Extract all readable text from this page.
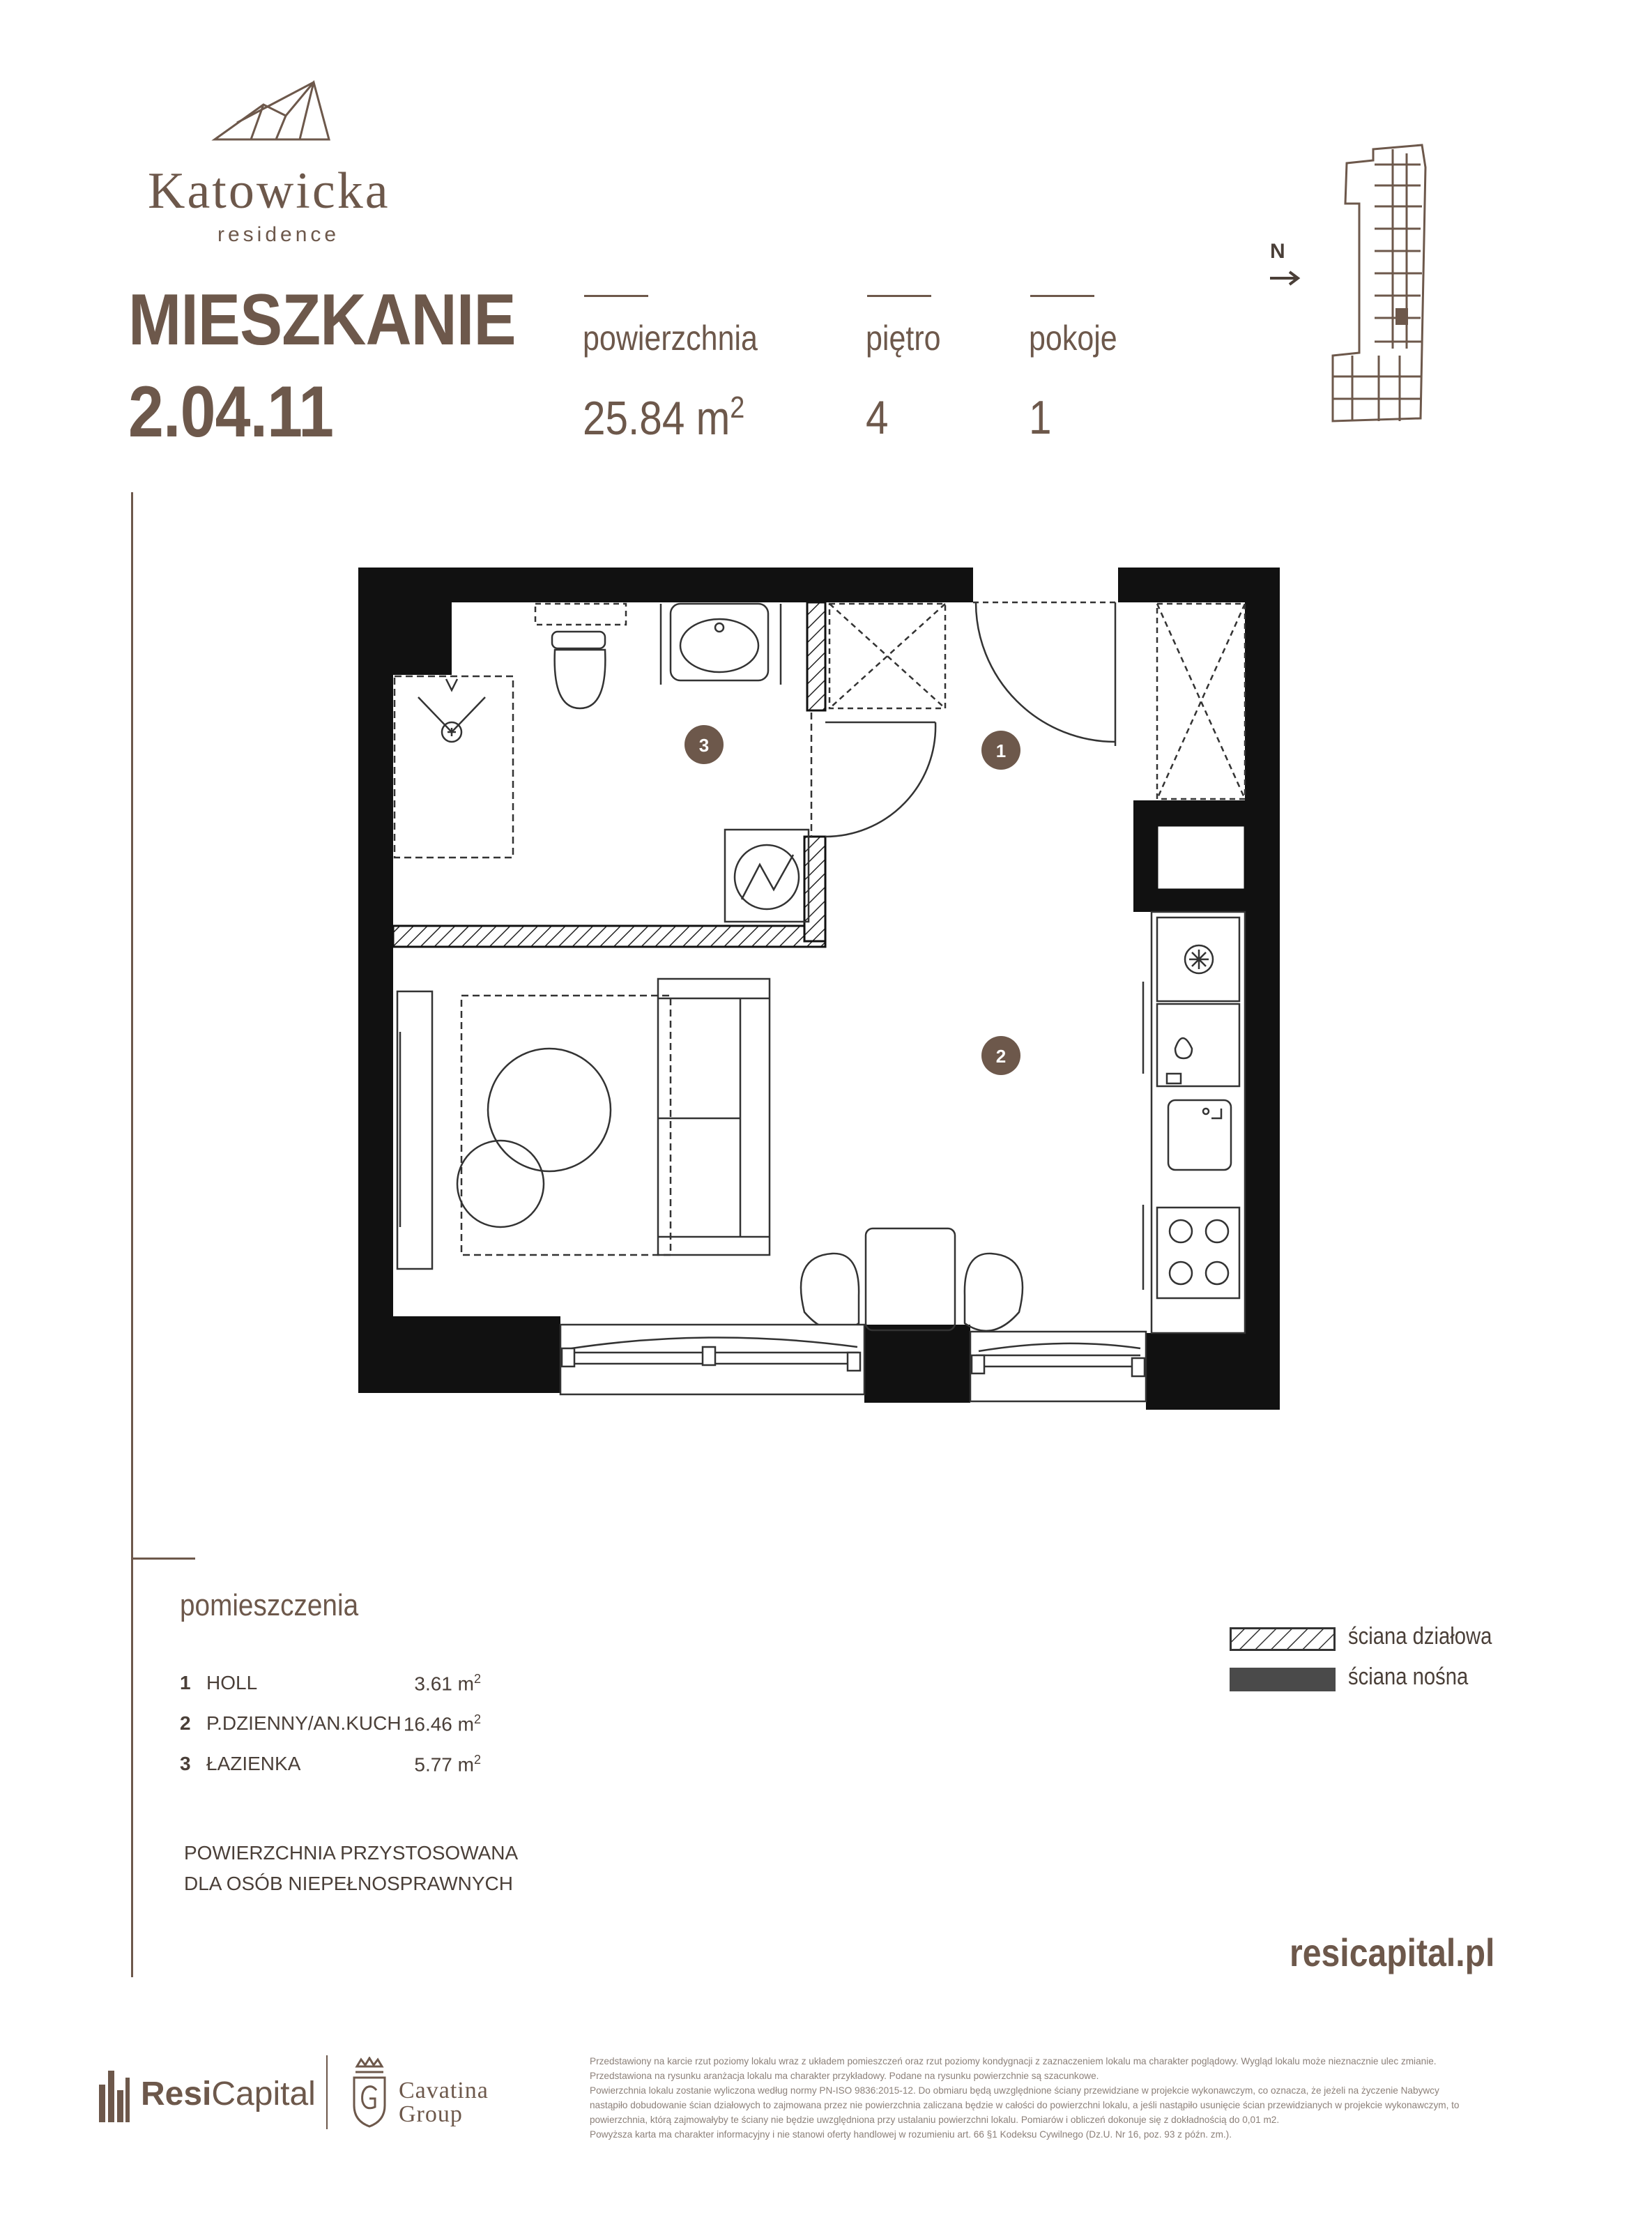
Katowicka
residence
MIESZKANIE
2.04.11
powierzchnia
25.84 $m^2$
piętro
4
pokoje
1
N
3	1
2
pomieszczenia
1 HOLL	3.61 $m^2$
2 P.DZIENNY/AN.KUCH 16.46 $m^2$
3 ŁAZIENKA	5.77 $m^2$
POWIERZCHNIA PRZYSTOSOWANA
DLA OSÓB NIEPEŁNOSPRAWNYCH
ściana działowa
ściana nośna
resicapital.pl
ResiCapital	Cavatina
Group

Przedstawiony na karcie rzut poziomy lokalu wraz z układem pomieszczeń oraz rzut poziomy kondygnacji z zaznaczeniem lokalu ma charakter poglądowy. Wygląd lokalu może nieznacznie ulec zmianie.

Przedstawiona na rysunku aranżacja lokalu ma charakter przykładowy. Podane na rysunku powierzchnie są szacunkowe.

Powierzchnia lokalu zostanie wyliczona według normy PN-ISO 9836:2015-12. Do obmiaru będą uwzględnione ściany przewidziane w projekcie wykonawczym, co oznacza, że jeżeli na życzenie Nabywcy nastąpiło dobudowanie ścian działowych to zajmowana przez nie powierzchnia zaliczana będzie w całości do powierzchni lokalu, a jeśli nastąpiło usunięcie ścian przewidzianych w projekcie wykonawczym, to powierzchnia, którą zajmowałyby te ściany nie będzie uwzględniona przy ustalaniu powierzchni lokalu. Pomiarów i obliczeń dokonuje się z dokładnością do 0,01 m2.

Powyższa karta ma charakter informacyjny i nie stanowi oferty handlowej w rozumieniu art. 66 §1 Kodeksu Cywilnego (Dz.U. Nr 16, poz. 93 z późn. zm.).
